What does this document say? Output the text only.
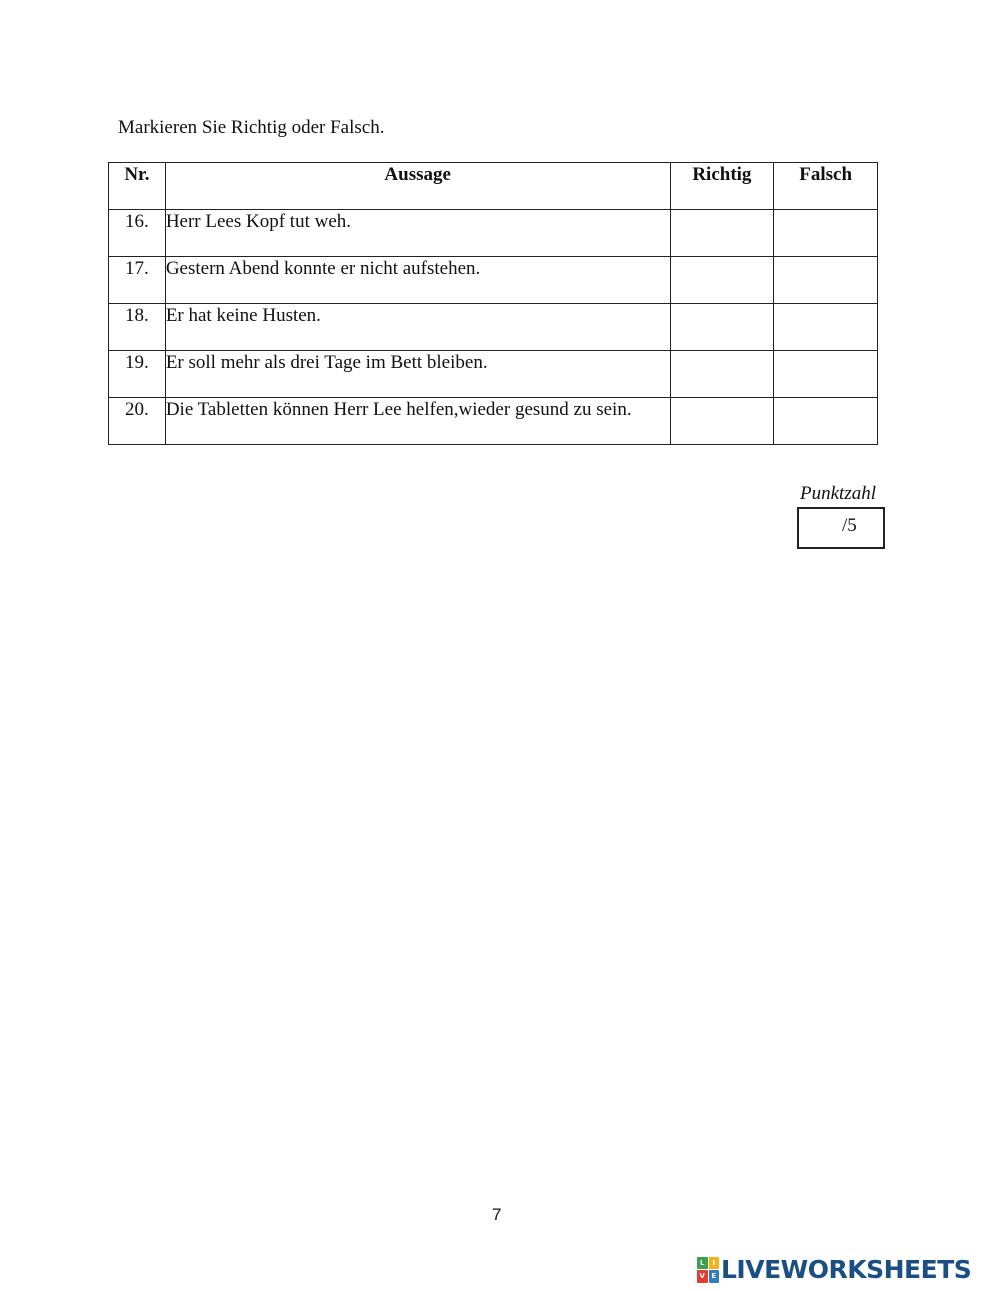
Markieren Sie Richtig oder Falsch.
Nr.	Aussage	Richtig	Falsch
16.	Herr Lees Kopf tut weh.		
17.	Gestern Abend konnte er nicht aufstehen.		
18.	Er hat keine Husten.		
19.	Er soll mehr als drei Tage im Bett bleiben.		
20.	Die Tabletten können Herr Lee helfen,wieder gesund zu sein.		
Punktzahl
/5
7
L	I
V E LIVEWORKSHEETS
